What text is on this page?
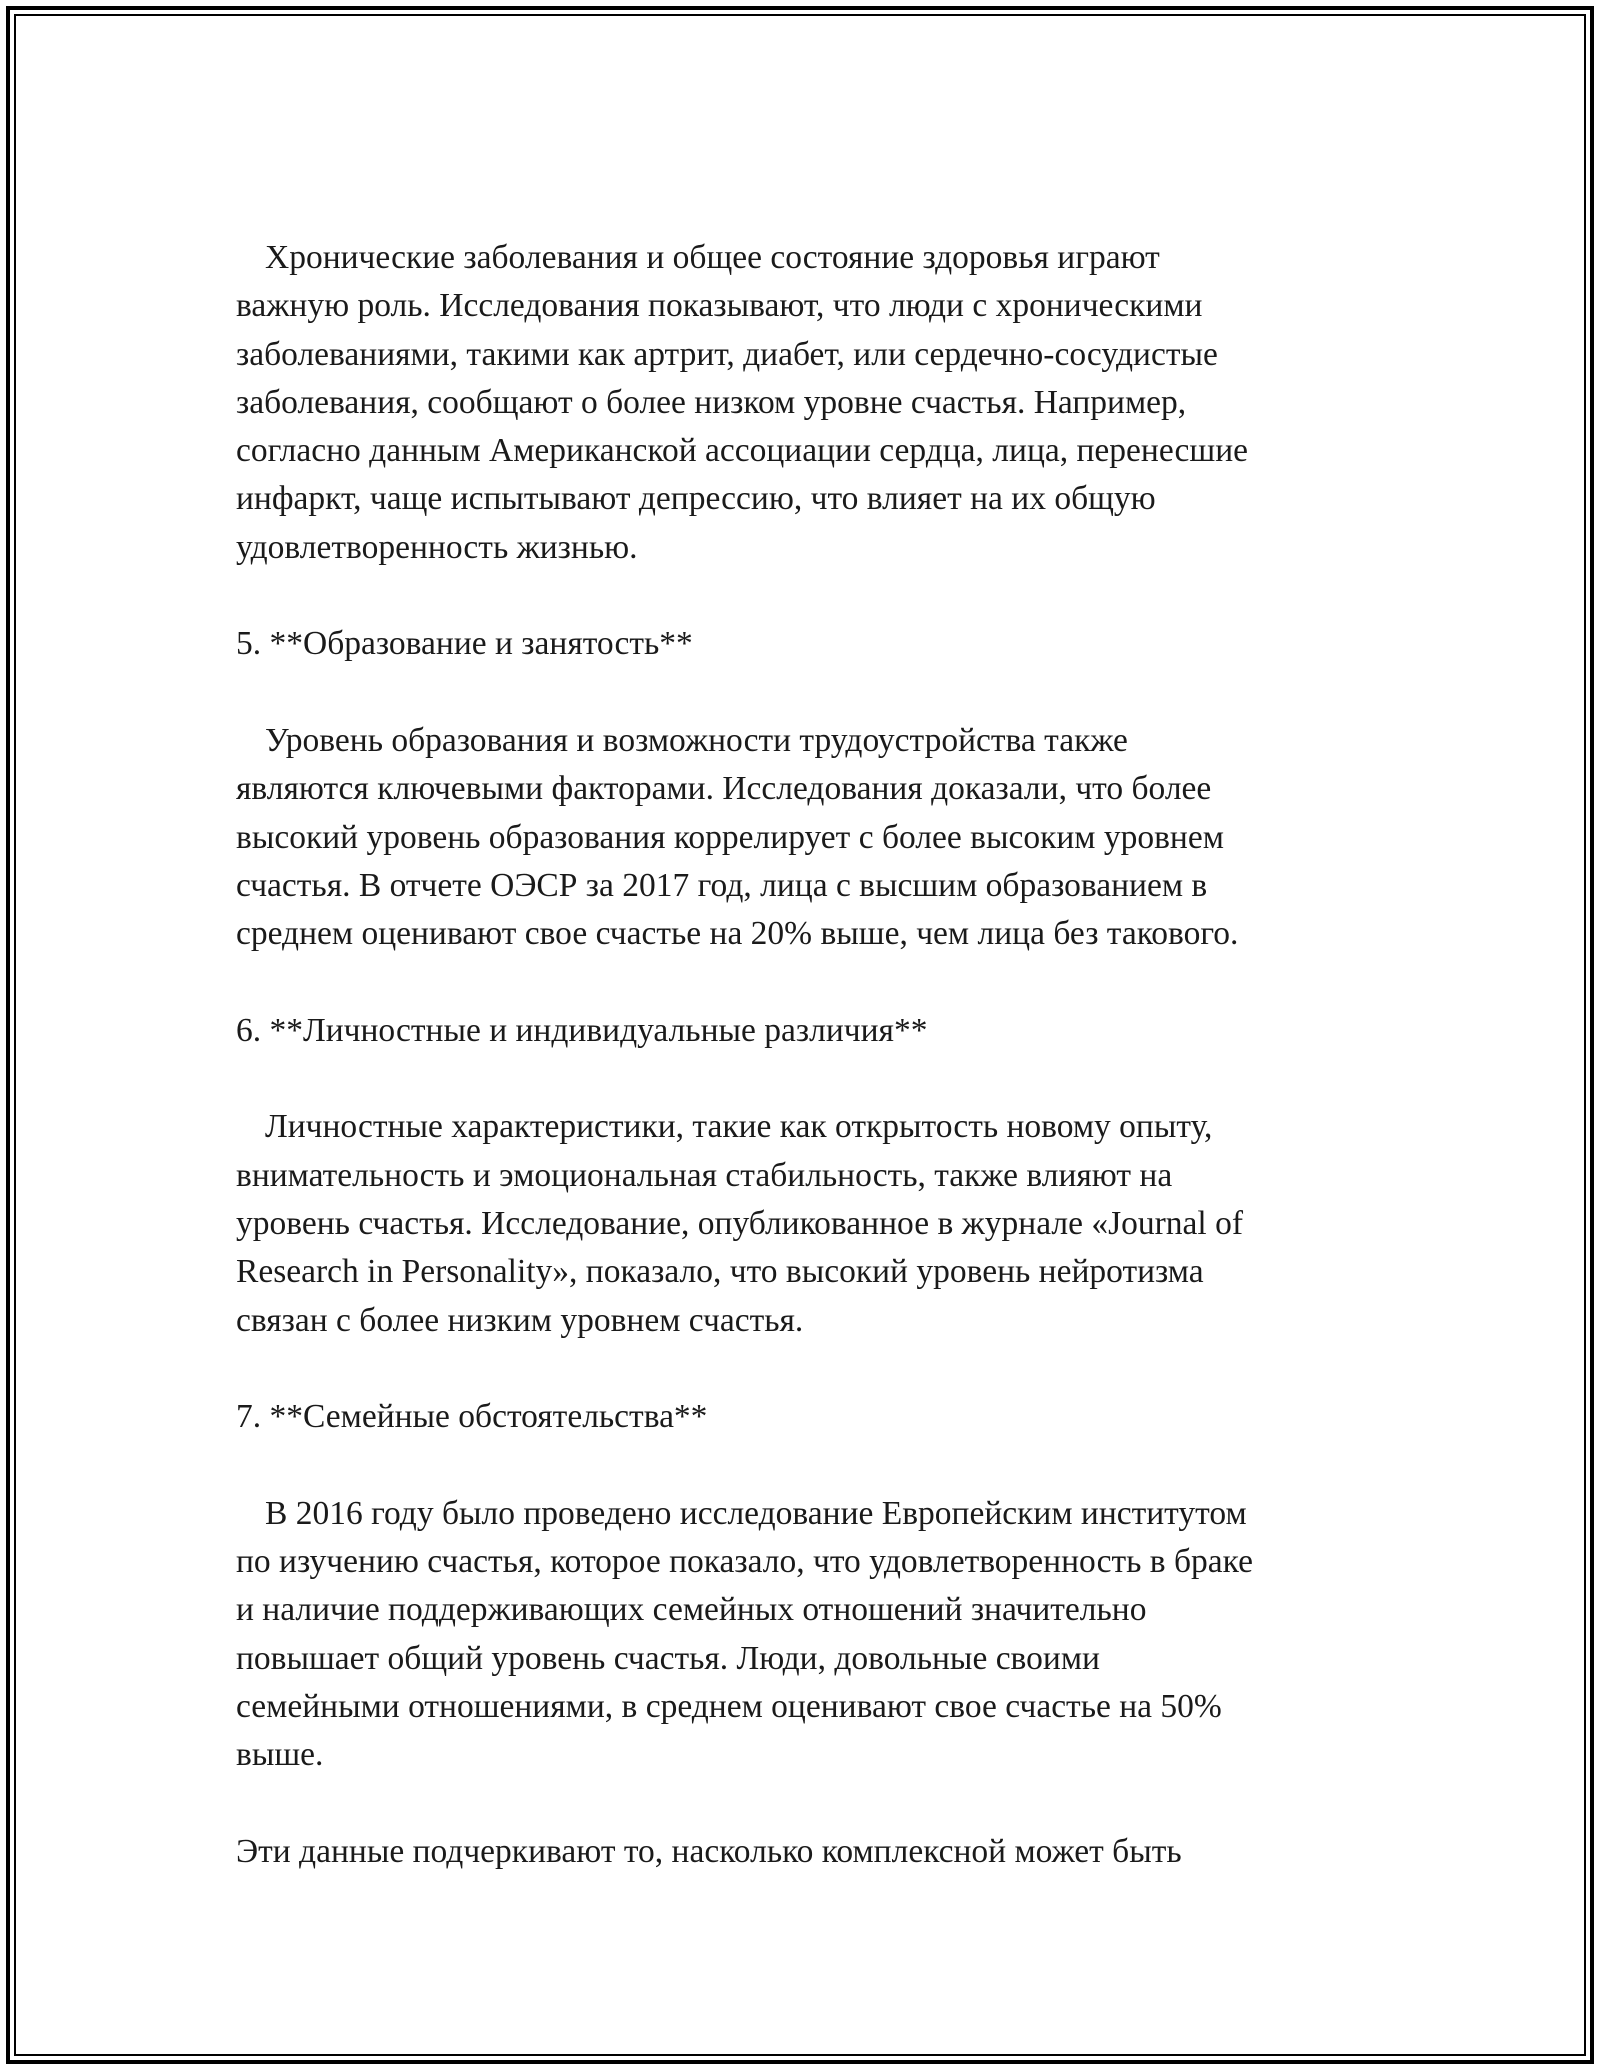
Хронические заболевания и общее состояние здоровья играют
важную роль. Исследования показывают, что люди с хроническими
заболеваниями, такими как артрит, диабет, или сердечно-сосудистые
заболевания, сообщают о более низком уровне счастья. Например,
согласно данным Американской ассоциации сердца, лица, перенесшие
инфаркт, чаще испытывают депрессию, что влияет на их общую
удовлетворенность жизнью.

5. **Образование и занятость**

Уровень образования и возможности трудоустройства также
являются ключевыми факторами. Исследования доказали, что более
высокий уровень образования коррелирует с более высоким уровнем
счастья. В отчете ОЭСР за 2017 год, лица с высшим образованием в
среднем оценивают свое счастье на 20% выше, чем лица без такового.

6. **Личностные и индивидуальные различия**

Личностные характеристики, такие как открытость новому опыту,
внимательность и эмоциональная стабильность, также влияют на
уровень счастья. Исследование, опубликованное в журнале «Journal of
Research in Personality», показало, что высокий уровень нейротизма
связан с более низким уровнем счастья.

7. **Семейные обстоятельства**

В 2016 году было проведено исследование Европейским институтом
по изучению счастья, которое показало, что удовлетворенность в браке
и наличие поддерживающих семейных отношений значительно
повышает общий уровень счастья. Люди, довольные своими
семейными отношениями, в среднем оценивают свое счастье на 50%
выше.

Эти данные подчеркивают то, насколько комплексной может быть
